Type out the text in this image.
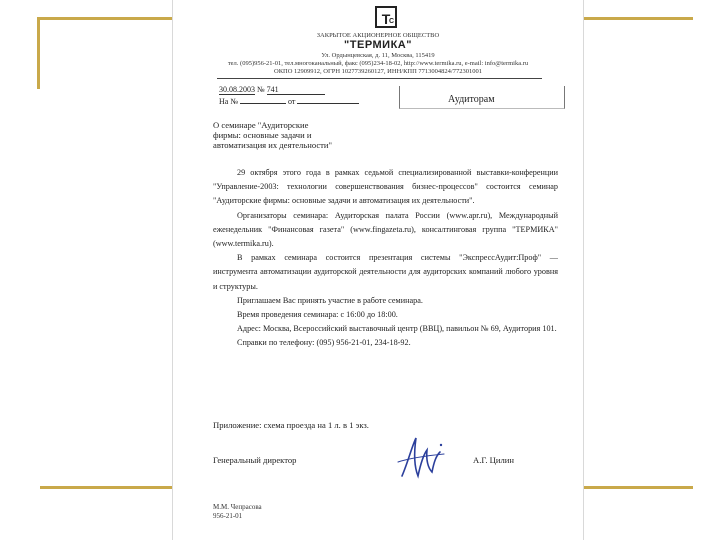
Т
С
ЗАКРЫТОЕ АКЦИОНЕРНОЕ ОБЩЕСТВО
"ТЕРМИКА"
Ул. Ордынцевская, д. 11, Москва, 115419
тел. (095)956-21-01, тел.многоканальный, факс (095)234-18-02, http://www.termika.ru, e-mail: info@termika.ru
ОКПО 12909912, ОГРН 1027739260127, ИНН/КПП 7713004824/772301001
30.08.2003 № 741
На №	от	Аудиторам
О семинаре "Аудиторские
фирмы: основные задачи и
автоматизация их деятельности"

29 октября этого года в рамках седьмой специализированной выставки-конференции "Управление-2003: технологии совершенствования бизнес-процессов" состоится семинар "Аудиторские фирмы: основные задачи и автоматизация их деятельности".

Организаторы семинара: Аудиторская палата России (www.apr.ru), Международный еженедельник "Финансовая газета" (www.fingazeta.ru), консалтинговая группа "ТЕРМИКА" (www.termika.ru).

В рамках семинара состоится презентация системы "ЭкспрессАудит:Проф" — инструмента автоматизации аудиторской деятельности для аудиторских компаний любого уровня и структуры.

Приглашаем Вас принять участие в работе семинара.

Время проведения семинара: с 16:00 до 18:00.

Адрес: Москва, Всероссийский выставочный центр (ВВЦ), павильон № 69, Аудитория 101.

Справки по телефону: (095) 956-21-01, 234-18-92.

Приложение: схема проезда на 1 л. в 1 экз.
Генеральный директор	А.Г. Цилин
М.М. Чепрасова
956-21-01
